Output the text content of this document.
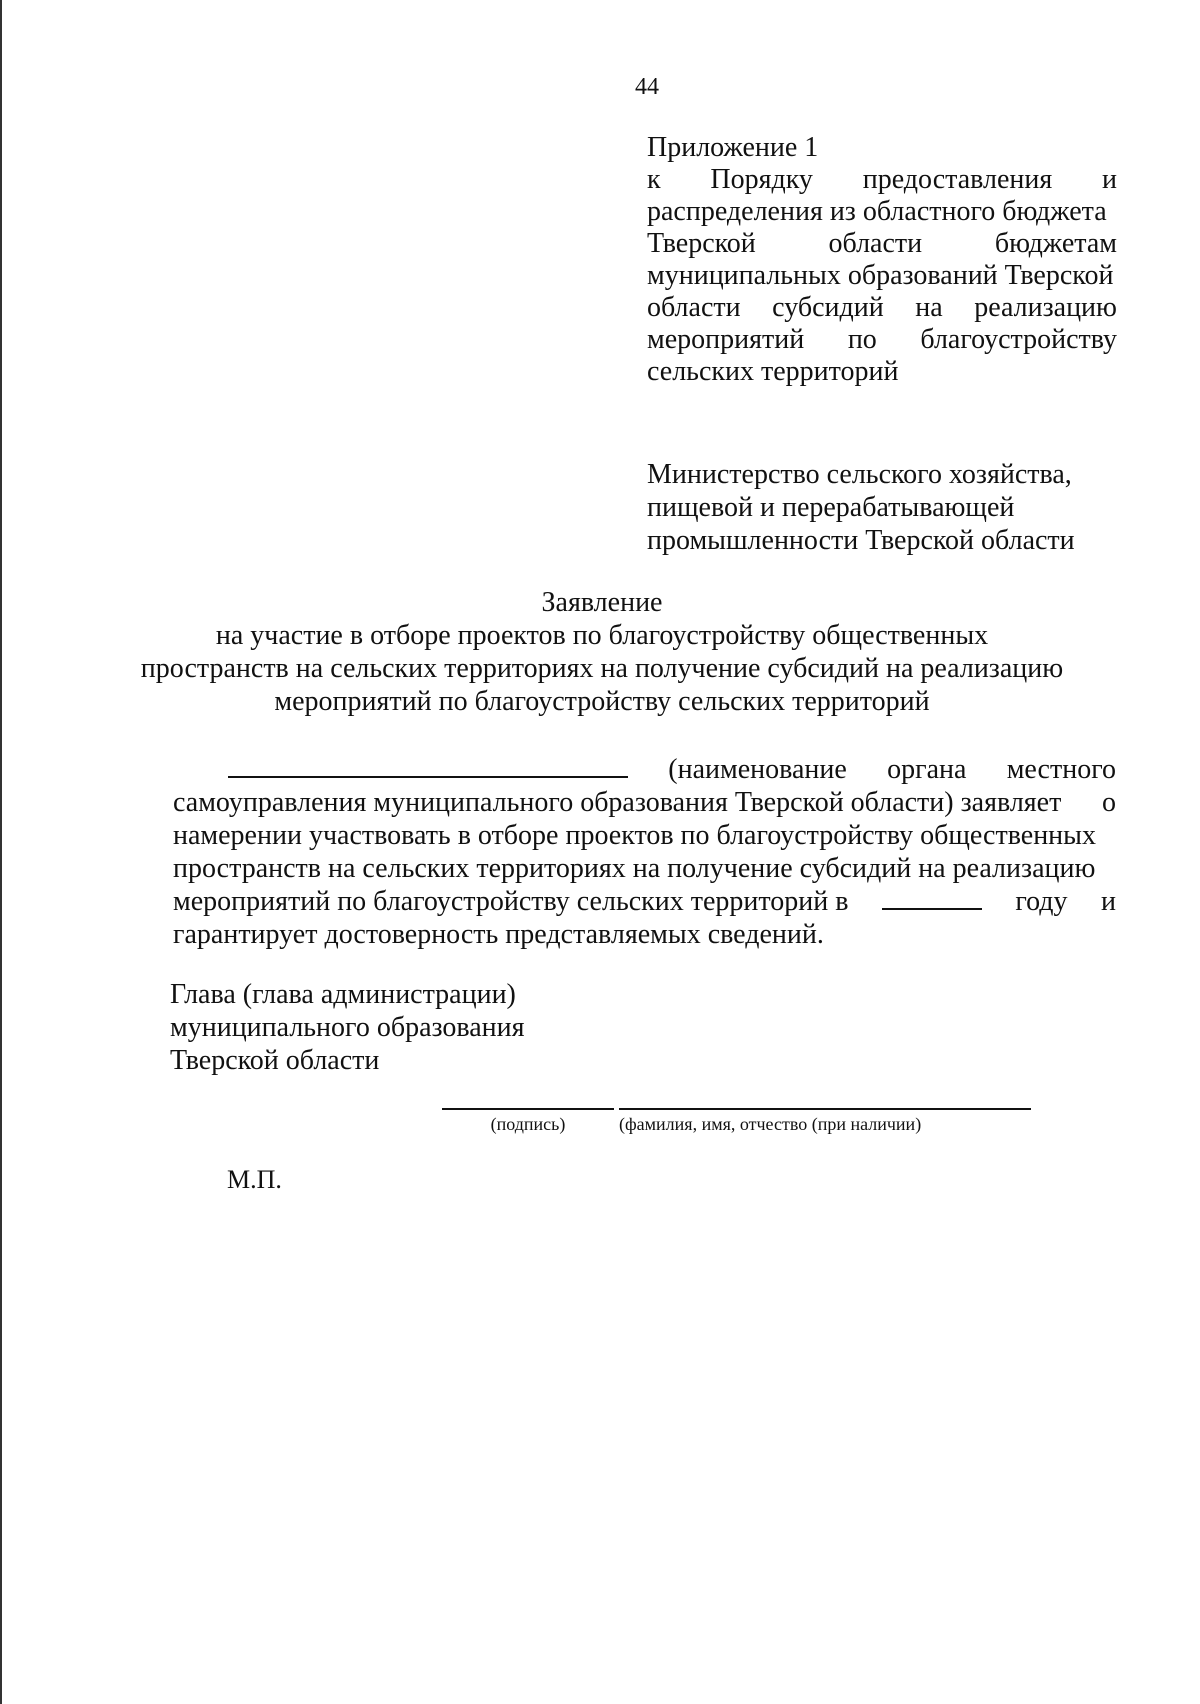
44
Приложение 1
к Порядку предоставления и
распределения из областного бюджета
Тверской	области	бюджетам
муниципальных образований Тверской
области субсидий на реализацию
мероприятий по благоустройству
сельских территорий
Министерство сельского хозяйства,
пищевой и перерабатывающей
промышленности Тверской области
Заявление
на участие в отборе проектов по благоустройству общественных
пространств на сельских территориях на получение субсидий на реализацию
мероприятий по благоустройству сельских территорий
(наименование органа местного
самоуправления муниципального образования Тверской области) заявляет о
намерении участвовать в отборе проектов по благоустройству общественных
пространств на сельских территориях на получение субсидий на реализацию
мероприятий по благоустройству сельских территорий в	году и
гарантирует достоверность представляемых сведений.
Глава (глава администрации)
муниципального образования
Тверской области
(подпись)	(фамилия, имя, отчество (при наличии)
М.П.
